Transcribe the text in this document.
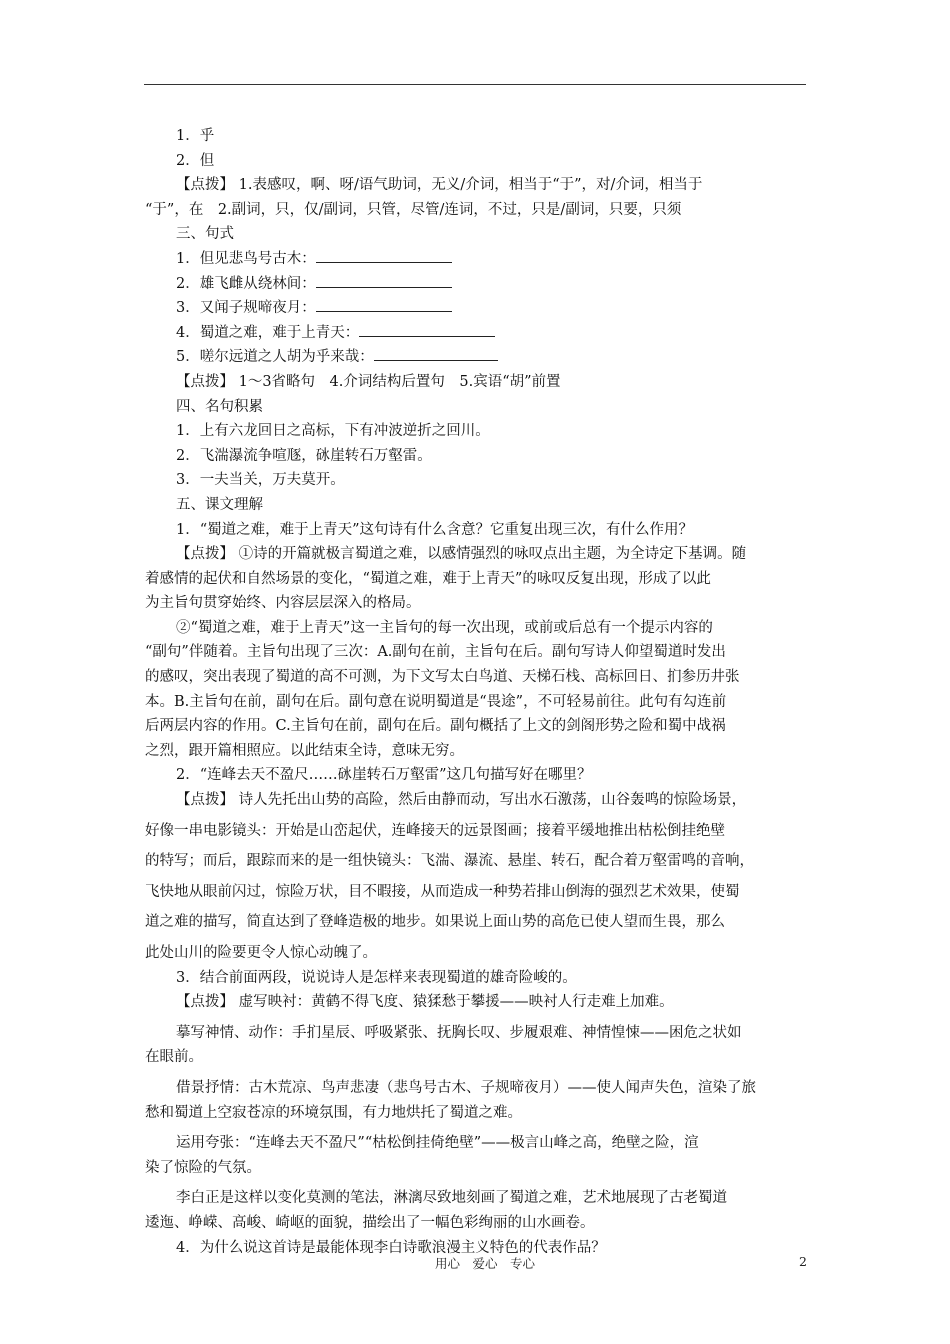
1．乎

2．但

【点拨】 1.表感叹，啊、呀/语气助词，无义/介词，相当于“于”，对/介词，相当于

“于”，在　2.副词，只，仅/副词，只管，尽管/连词，不过，只是/副词，只要，只须

三、句式

1．但见悲鸟号古木：

2．雄飞雌从绕林间：

3．又闻子规啼夜月：

4．蜀道之难，难于上青天：

5．嗟尔远道之人胡为乎来哉：

【点拨】 1～3省略句　4.介词结构后置句　5.宾语“胡”前置

四、名句积累

1．上有六龙回日之高标，下有冲波逆折之回川。

2．飞湍瀑流争喧豗，砯崖转石万壑雷。

3．一夫当关，万夫莫开。

五、课文理解

1．“蜀道之难，难于上青天”这句诗有什么含意？它重复出现三次，有什么作用？

【点拨】 ①诗的开篇就极言蜀道之难，以感情强烈的咏叹点出主题，为全诗定下基调。随

着感情的起伏和自然场景的变化，“蜀道之难，难于上青天”的咏叹反复出现，形成了以此

为主旨句贯穿始终、内容层层深入的格局。

②“蜀道之难，难于上青天”这一主旨句的每一次出现，或前或后总有一个提示内容的

“副句”伴随着。主旨句出现了三次：A.副句在前，主旨句在后。副句写诗人仰望蜀道时发出

的感叹，突出表现了蜀道的高不可测，为下文写太白鸟道、天梯石栈、高标回日、扪参历井张

本。B.主旨句在前，副句在后。副句意在说明蜀道是“畏途”，不可轻易前往。此句有勾连前

后两层内容的作用。C.主旨句在前，副句在后。副句概括了上文的剑阁形势之险和蜀中战祸

之烈，跟开篇相照应。以此结束全诗，意味无穷。

2．“连峰去天不盈尺……砯崖转石万壑雷”这几句描写好在哪里？

【点拨】 诗人先托出山势的高险，然后由静而动，写出水石激荡，山谷轰鸣的惊险场景，

好像一串电影镜头：开始是山峦起伏，连峰接天的远景图画；接着平缓地推出枯松倒挂绝壁

的特写；而后，跟踪而来的是一组快镜头：飞湍、瀑流、悬崖、转石，配合着万壑雷鸣的音响，

飞快地从眼前闪过，惊险万状，目不暇接，从而造成一种势若排山倒海的强烈艺术效果，使蜀

道之难的描写，简直达到了登峰造极的地步。如果说上面山势的高危已使人望而生畏，那么

此处山川的险要更令人惊心动魄了。

3．结合前面两段，说说诗人是怎样来表现蜀道的雄奇险峻的。

【点拨】 虚写映衬：黄鹤不得飞度、猿猱愁于攀援——映衬人行走难上加难。

摹写神情、动作：手扪星辰、呼吸紧张、抚胸长叹、步履艰难、神情惶悚——困危之状如

在眼前。

借景抒情：古木荒凉、鸟声悲凄（悲鸟号古木、子规啼夜月）——使人闻声失色，渲染了旅

愁和蜀道上空寂苍凉的环境氛围，有力地烘托了蜀道之难。

运用夸张：“连峰去天不盈尺”“枯松倒挂倚绝壁”——极言山峰之高，绝壁之险，渲

染了惊险的气氛。

李白正是这样以变化莫测的笔法，淋漓尽致地刻画了蜀道之难，艺术地展现了古老蜀道

逶迤、峥嵘、高峻、崎岖的面貌，描绘出了一幅色彩绚丽的山水画卷。

4．为什么说这首诗是最能体现李白诗歌浪漫主义特色的代表作品？

用心　爱心　专心	2
